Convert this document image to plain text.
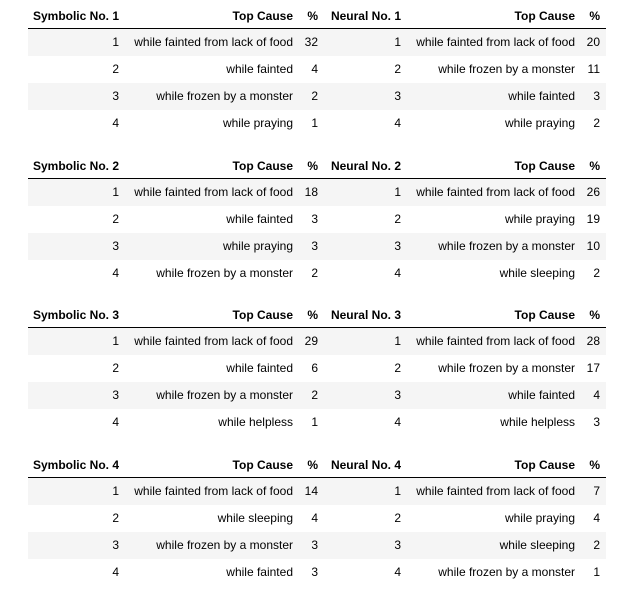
Symbolic No. 1	Top Cause % Neural No. 1	Top Cause %
1 while fainted from lack of food 32	1 while fainted from lack of food 20
2	while fainted 4	2	while frozen by a monster 11
3	while frozen by a monster 2	3	while fainted 3
4	while praying 1	4	while praying 2
Symbolic No. 2	Top Cause % Neural No. 2	Top Cause %
1 while fainted from lack of food 18	1 while fainted from lack of food 26
2	while fainted 3	2	while praying 19
3	while praying 3	3	while frozen by a monster 10
4	while frozen by a monster 2	4	while sleeping 2
Symbolic No. 3	Top Cause % Neural No. 3	Top Cause %
1 while fainted from lack of food 29	1 while fainted from lack of food 28
2	while fainted 6	2	while frozen by a monster 17
3	while frozen by a monster 2	3	while fainted 4
4	while helpless 1	4	while helpless 3
Symbolic No. 4	Top Cause % Neural No. 4	Top Cause %
1 while fainted from lack of food 14	1 while fainted from lack of food 7
2	while sleeping 4	2	while praying 4
3	while frozen by a monster 3	3	while sleeping 2
4	while fainted 3	4	while frozen by a monster 1
